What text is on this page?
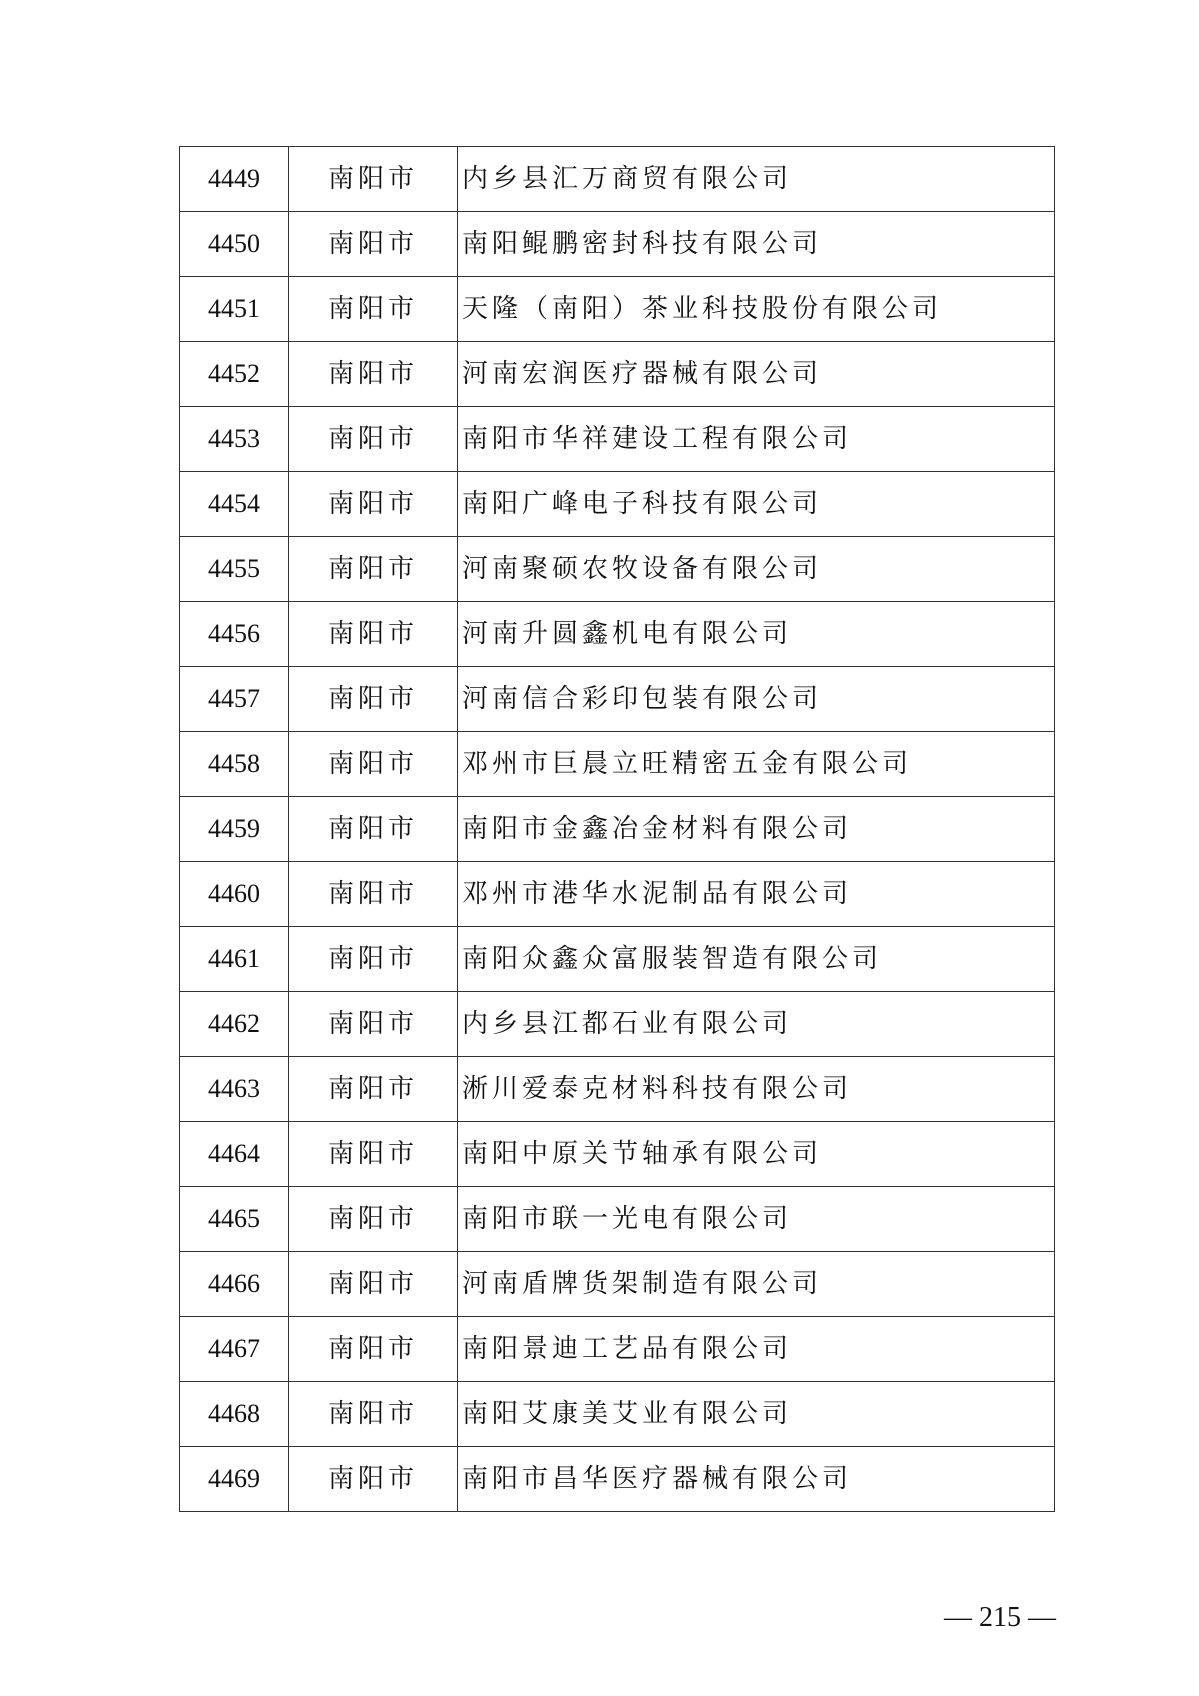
4449	南阳市	内乡县汇万商贸有限公司
4450	南阳市	南阳鲲鹏密封科技有限公司
4451	南阳市	天隆（南阳）茶业科技股份有限公司
4452	南阳市	河南宏润医疗器械有限公司
4453	南阳市	南阳市华祥建设工程有限公司
4454	南阳市	南阳广峰电子科技有限公司
4455	南阳市	河南聚硕农牧设备有限公司
4456	南阳市	河南升圆鑫机电有限公司
4457	南阳市	河南信合彩印包装有限公司
4458	南阳市	邓州市巨晨立旺精密五金有限公司
4459	南阳市	南阳市金鑫冶金材料有限公司
4460	南阳市	邓州市港华水泥制品有限公司
4461	南阳市	南阳众鑫众富服装智造有限公司
4462	南阳市	内乡县江都石业有限公司
4463	南阳市	淅川爱泰克材料科技有限公司
4464	南阳市	南阳中原关节轴承有限公司
4465	南阳市	南阳市联一光电有限公司
4466	南阳市	河南盾牌货架制造有限公司
4467	南阳市	南阳景迪工艺品有限公司
4468	南阳市	南阳艾康美艾业有限公司
4469	南阳市	南阳市昌华医疗器械有限公司
— 215 —
